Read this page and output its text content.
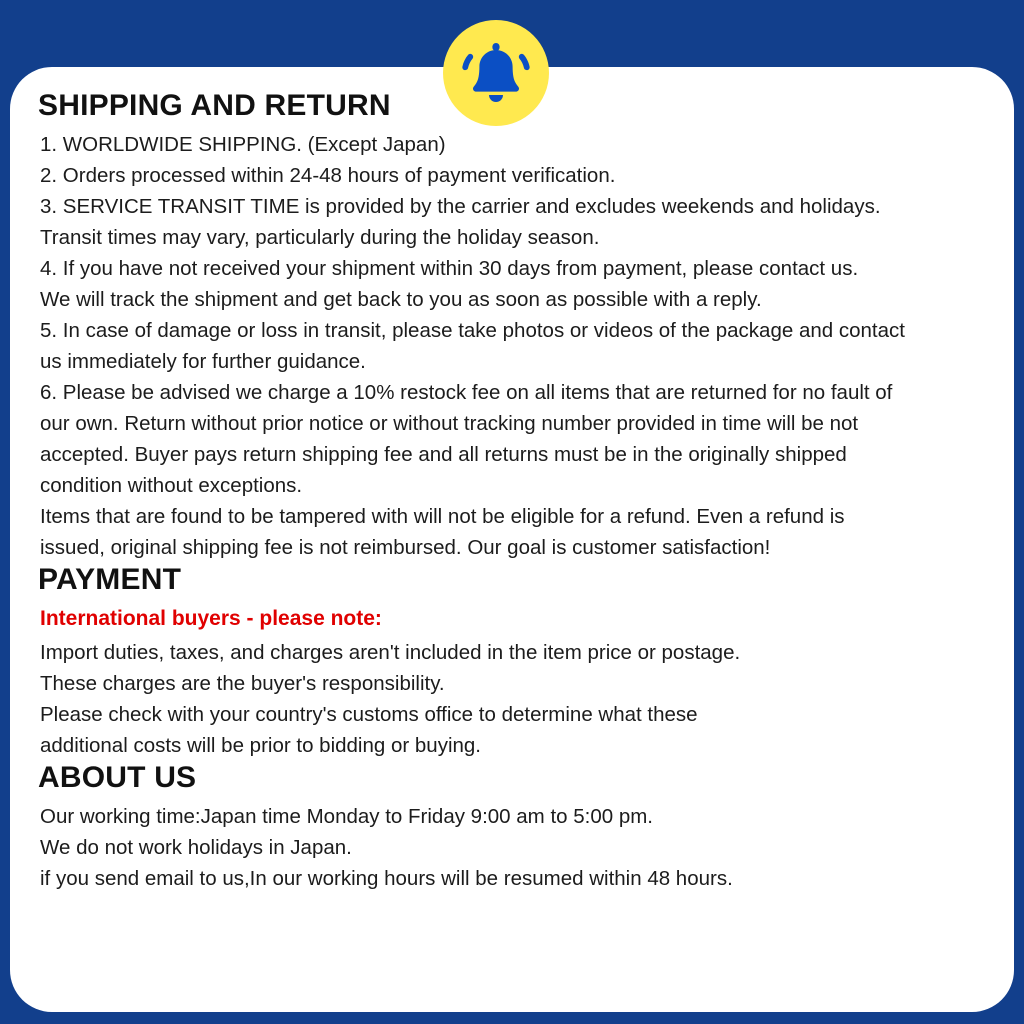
SHIPPING AND RETURN

1. WORLDWIDE SHIPPING. (Except Japan)

2. Orders processed within 24-48 hours of payment verification.

3. SERVICE TRANSIT TIME is provided by the carrier and excludes weekends and holidays.

Transit times may vary, particularly during the holiday season.

4. If you have not received your shipment within 30 days from payment, please contact us.

We will track the shipment and get back to you as soon as possible with a reply.

5. In case of damage or loss in transit, please take photos or videos of the package and contact

us immediately for further guidance.

6. Please be advised we charge a 10% restock fee on all items that are returned for no fault of

our own. Return without prior notice or without tracking number provided in time will be not

accepted. Buyer pays return shipping fee and all returns must be in the originally shipped

condition without exceptions.

Items that are found to be tampered with will not be eligible for a refund. Even a refund is

issued, original shipping fee is not reimbursed. Our goal is customer satisfaction!

PAYMENT

International buyers - please note:

Import duties, taxes, and charges aren't included in the item price or postage.

These charges are the buyer's responsibility.

Please check with your country's customs office to determine what these

additional costs will be prior to bidding or buying.

ABOUT US

Our working time:Japan time Monday to Friday 9:00 am to 5:00 pm.

We do not work holidays in Japan.

if you send email to us,In our working hours will be resumed within 48 hours.
